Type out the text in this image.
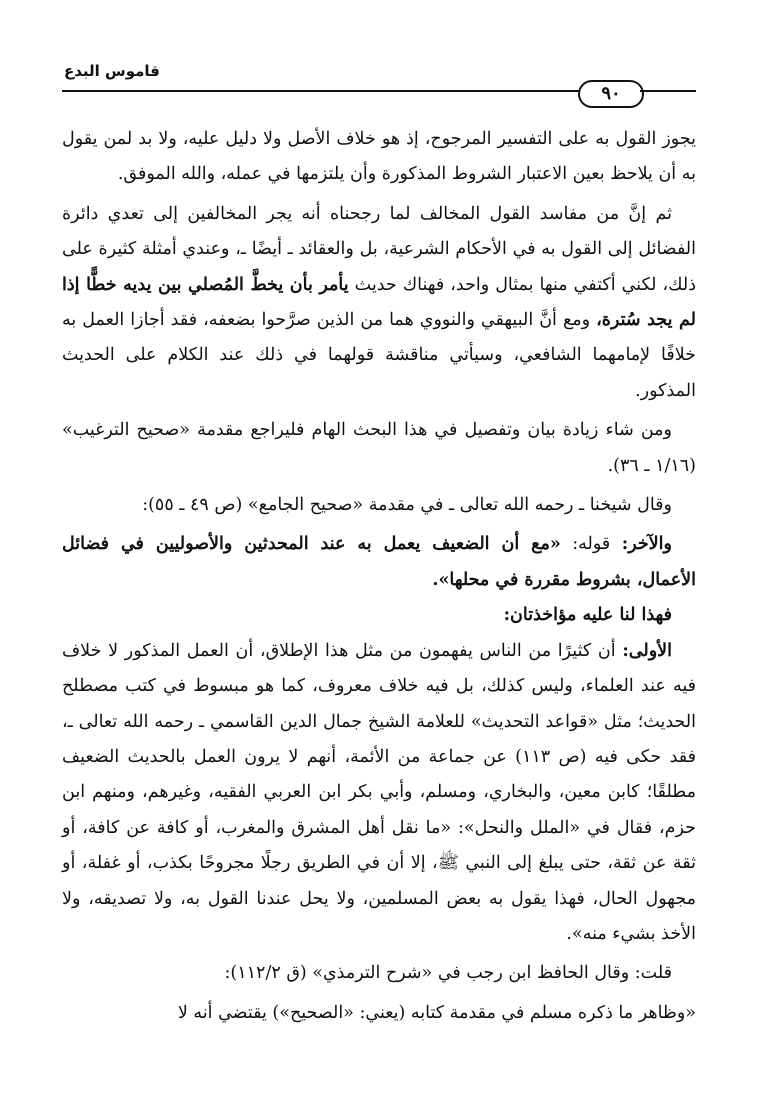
قاموس البدع
٩٠

يجوز القول به على التفسير المرجوح، إذ هو خلاف الأصل ولا دليل عليه، ولا بد لمن يقول به أن يلاحظ بعين الاعتبار الشروط المذكورة وأن يلتزمها في عمله، والله الموفق.

ثم إنَّ من مفاسد القول المخالف لما رجحناه أنه يجر المخالفين إلى تعدي دائرة الفضائل إلى القول به في الأحكام الشرعية، بل والعقائد ـ أيضًا ـ، وعندي أمثلة كثيرة على ذلك، لكني أكتفي منها بمثال واحد، فهناك حديث يأمر بأن يخطَّ المُصلي بين يديه خطًّا إذا لم يجد سُترة، ومع أنَّ البيهقي والنووي هما من الذين صرَّحوا بضعفه، فقد أجازا العمل به خلافًا لإمامهما الشافعي، وسيأتي مناقشة قولهما في ذلك عند الكلام على الحديث المذكور.

ومن شاء زيادة بيان وتفصيل في هذا البحث الهام فليراجع مقدمة «صحيح الترغيب» (١/١٦ ـ ٣٦).

وقال شيخنا ـ رحمه الله تعالى ـ في مقدمة «صحيح الجامع» (ص ٤٩ ـ ٥٥):

والآخر: قوله: «مع أن الضعيف يعمل به عند المحدثين والأصوليين في فضائل الأعمال، بشروط مقررة في محلها».

فهذا لنا عليه مؤاخذتان:

الأولى: أن كثيرًا من الناس يفهمون من مثل هذا الإطلاق، أن العمل المذكور لا خلاف فيه عند العلماء، وليس كذلك، بل فيه خلاف معروف، كما هو مبسوط في كتب مصطلح الحديث؛ مثل «قواعد التحديث» للعلامة الشيخ جمال الدين القاسمي ـ رحمه الله تعالى ـ، فقد حكى فيه (ص ١١٣) عن جماعة من الأئمة، أنهم لا يرون العمل بالحديث الضعيف مطلقًا؛ كابن معين، والبخاري، ومسلم، وأبي بكر ابن العربي الفقيه، وغيرهم، ومنهم ابن حزم، فقال في «الملل والنحل»: «ما نقل أهل المشرق والمغرب، أو كافة عن كافة، أو ثقة عن ثقة، حتى يبلغ إلى النبي ﷺ، إلا أن في الطريق رجلًا مجروحًا بكذب، أو غفلة، أو مجهول الحال، فهذا يقول به بعض المسلمين، ولا يحل عندنا القول به، ولا تصديقه، ولا الأخذ بشيء منه».

قلت: وقال الحافظ ابن رجب في «شرح الترمذي» (ق ١١٢/٢):

«وظاهر ما ذكره مسلم في مقدمة كتابه (يعني: «الصحيح») يقتضي أنه لا
